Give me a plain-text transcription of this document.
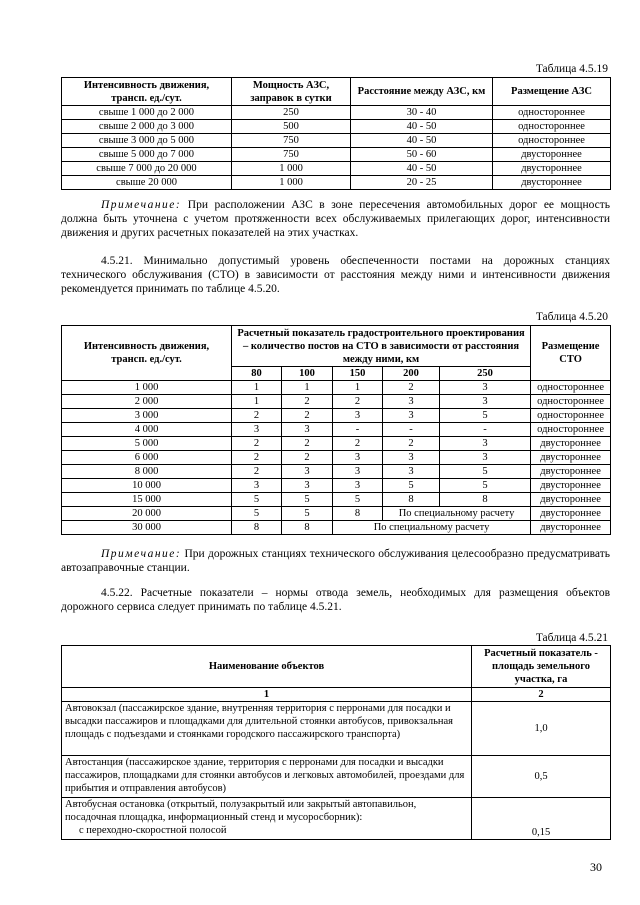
Таблица 4.5.19
Интенсивность движения, трансп. ед./сут.	Мощность АЗС, заправок в сутки	Расстояние между АЗС, км	Размещение АЗС
свыше 1 000 до 2 000	250	30 - 40	одностороннее
свыше 2 000 до 3 000	500	40 - 50	одностороннее
свыше 3 000 до 5 000	750	40 - 50	одностороннее
свыше 5 000 до 7 000	750	50 - 60	двустороннее
свыше 7 000 до 20 000	1 000	40 - 50	двустороннее
свыше 20 000	1 000	20 - 25	двустороннее
Примечание: При расположении АЗС в зоне пересечения автомобильных дорог ее мощность должна быть уточнена с учетом протяженности всех обслуживаемых прилегающих дорог, интенсивности движения и других расчетных показателей на этих участках.
4.5.21. Минимально допустимый уровень обеспеченности постами на дорожных станциях технического обслуживания (СТО) в зависимости от расстояния между ними и интенсивности движения рекомендуется принимать по таблице 4.5.20.
Таблица 4.5.20
Интенсивность движения, трансп. ед./сут.	Расчетный показатель градостроительного проектирования – количество постов на СТО в зависимости от расстояния между ними, км					Размещение СТО
	80	100	150	200	250	
1 000	1	1	1	2	3	одностороннее
2 000	1	2	2	3	3	одностороннее
3 000	2	2	3	3	5	одностороннее
4 000	3	3	-	-	-	одностороннее
5 000	2	2	2	2	3	двустороннее
6 000	2	2	3	3	3	двустороннее
8 000	2	3	3	3	5	двустороннее
10 000	3	3	3	5	5	двустороннее
15 000	5	5	5	8	8	двустороннее
20 000	5	5	8	По специальному расчету		двустороннее
30 000	8	8	По специальному расчету			двустороннее
Примечание: При дорожных станциях технического обслуживания целесообразно предусматривать автозаправочные станции.
4.5.22. Расчетные показатели – нормы отвода земель, необходимых для размещения объектов дорожного сервиса следует принимать по таблице 4.5.21.
Таблица 4.5.21
Наименование объектов	Расчетный показатель - площадь земельного участка, га
1	2
Автовокзал (пассажирское здание, внутренняя территория с перронами для посадки и высадки пассажиров и площадками для длительной стоянки автобусов, привокзальная площадь с подъездами и стоянками городского пассажирского транспорта)	1,0
Автостанция (пассажирское здание, территория с перронами для посадки и высадки пассажиров, площадками для стоянки автобусов и легковых автомобилей, проездами для прибытия и отправления автобусов)	0,5

Автобусная остановка (открытый, полузакрытый или закрытый автопавильон, посадочная площадка, информационный стенд и мусоросборник):
с переходно-скоростной полосой	0,15
30
